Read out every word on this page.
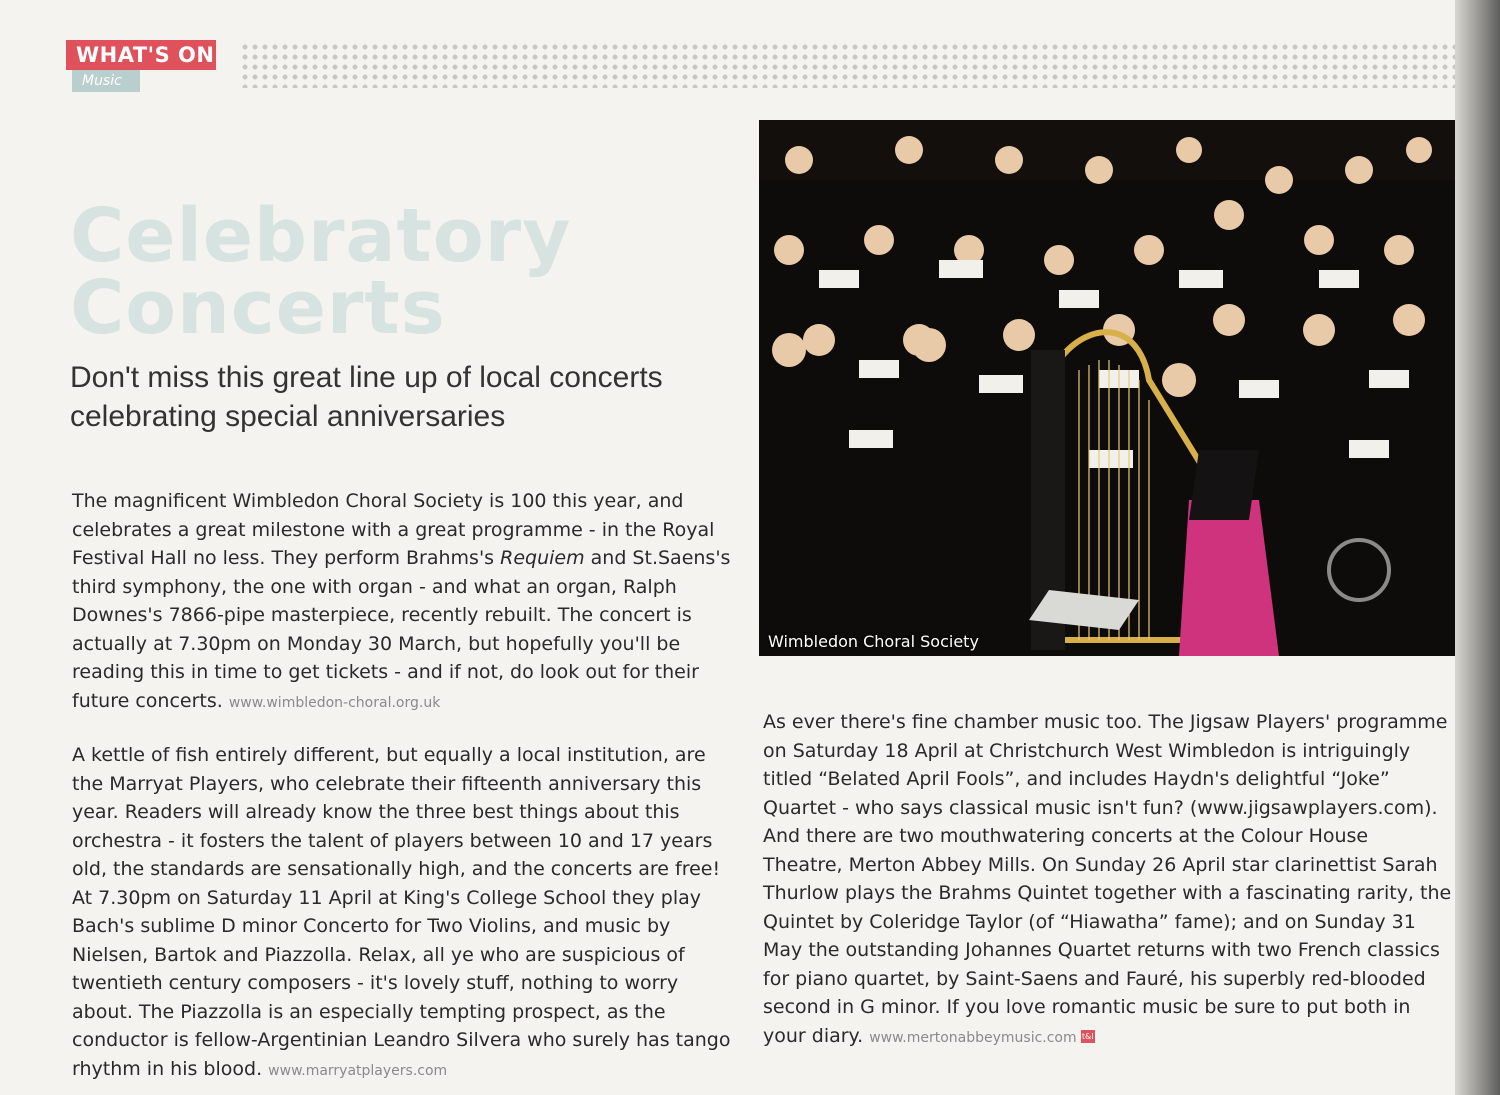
WHAT'S ON
Music
Celebratory
Concerts
Don't miss this great line up of local concerts celebrating special anniversaries
The magnificent Wimbledon Choral Society is 100 this year, and celebrates a great milestone with a great programme - in the Royal Festival Hall no less. They perform Brahms's Requiem and St.Saens's third symphony, the one with organ - and what an organ, Ralph Downes's 7866-pipe masterpiece, recently rebuilt. The concert is actually at 7.30pm on Monday 30 March, but hopefully you'll be reading this in time to get tickets - and if not, do look out for their future concerts. www.wimbledon-choral.org.uk
A kettle of fish entirely different, but equally a local institution, are the Marryat Players, who celebrate their fifteenth anniversary this year. Readers will already know the three best things about this orchestra - it fosters the talent of players between 10 and 17 years old, the standards are sensationally high, and the concerts are free! At 7.30pm on Saturday 11 April at King's College School they play Bach's sublime D minor Concerto for Two Violins, and music by Nielsen, Bartok and Piazzolla. Relax, all ye who are suspicious of twentieth century composers - it's lovely stuff, nothing to worry about. The Piazzolla is an especially tempting prospect, as the conductor is fellow-Argentinian Leandro Silvera who surely has tango rhythm in his blood. www.marryatplayers.com
Wimbledon Choral Society
As ever there's fine chamber music too. The Jigsaw Players' programme on Saturday 18 April at Christchurch West Wimbledon is intriguingly titled “Belated April Fools”, and includes Haydn's delightful “Joke” Quartet - who says classical music isn't fun? (www.jigsawplayers.com). And there are two mouthwatering concerts at the Colour House Theatre, Merton Abbey Mills. On Sunday 26 April star clarinettist Sarah Thurlow plays the Brahms Quintet together with a fascinating rarity, the Quintet by Coleridge Taylor (of “Hiawatha” fame); and on Sunday 31 May the outstanding Johannes Quartet returns with two French classics for piano quartet, by Saint-Saens and Fauré, his superbly red-blooded second in G minor. If you love romantic music be sure to put both in your diary. www.mertonabbeymusic.com t&l
